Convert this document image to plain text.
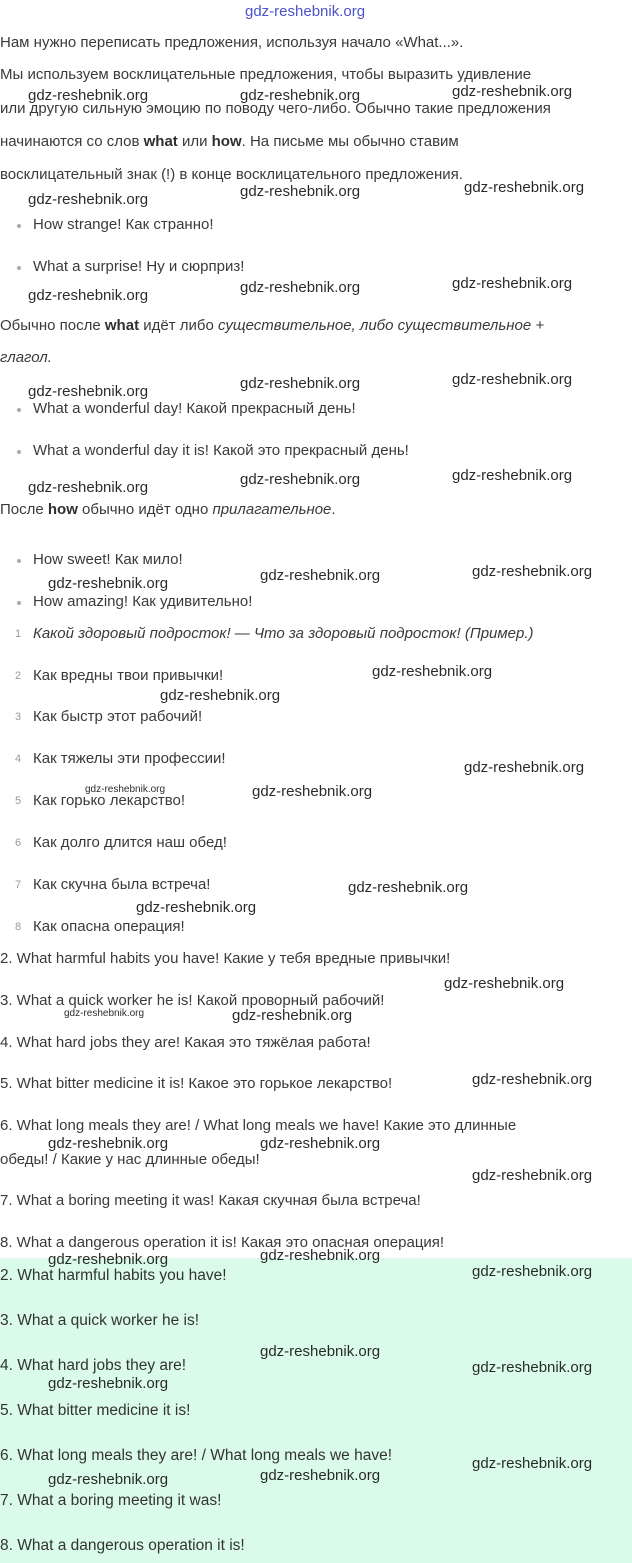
gdz-reshebnik.org
Нам нужно переписать предложения, используя начало «What...».
Мы используем восклицательные предложения, чтобы выразить удивление
или другую сильную эмоцию по поводу чего-либо. Обычно такие предложения
начинаются со слов what или how. На письме мы обычно ставим
восклицательный знак (!) в конце восклицательного предложения.
How strange! Как странно!
What a surprise! Ну и сюрприз!
Обычно после what идёт либо существительное, либо существительное +
глагол.
What a wonderful day! Какой прекрасный день!
What a wonderful day it is! Какой это прекрасный день!
После how обычно идёт одно прилагательное.
How sweet! Как мило!
How amazing! Как удивительно!
1 Какой здоровый подросток! — Что за здоровый подросток! (Пример.)
2 Как вредны твои привычки!
3 Как быстр этот рабочий!
4 Как тяжелы эти профессии!
5 Как горько лекарство!
6 Как долго длится наш обед!
7 Как скучна была встреча!
8 Как опасна операция!
2. What harmful habits you have! Какие у тебя вредные привычки!
3. What a quick worker he is! Какой проворный рабочий!
4. What hard jobs they are! Какая это тяжёлая работа!
5. What bitter medicine it is! Какое это горькое лекарство!
6. What long meals they are! / What long meals we have! Какие это длинные
обеды! / Какие у нас длинные обеды!
7. What a boring meeting it was! Какая скучная была встреча!
8. What a dangerous operation it is! Какая это опасная операция!
2. What harmful habits you have!
3. What a quick worker he is!
4. What hard jobs they are!
5. What bitter medicine it is!
6. What long meals they are! / What long meals we have!
7. What a boring meeting it was!
8. What a dangerous operation it is!
gdz-reshebnik.org	gdz-reshebnik.org	gdz-reshebnik.org
gdz-reshebnik.org	gdz-reshebnik.org	gdz-reshebnik.org
gdz-reshebnik.org	gdz-reshebnik.org	gdz-reshebnik.org
gdz-reshebnik.org	gdz-reshebnik.org	gdz-reshebnik.org
gdz-reshebnik.org	gdz-reshebnik.org	gdz-reshebnik.org
gdz-reshebnik.org	gdz-reshebnik.org	gdz-reshebnik.org
gdz-reshebnik.org
gdz-reshebnik.org
gdz-reshebnik.org
gdz-reshebnik.org	gdz-reshebnik.org
gdz-reshebnik.org
gdz-reshebnik.org
gdz-reshebnik.org
gdz-reshebnik.org	gdz-reshebnik.org
gdz-reshebnik.org
gdz-reshebnik.org	gdz-reshebnik.org
gdz-reshebnik.org
gdz-reshebnik.org	gdz-reshebnik.org
gdz-reshebnik.org
gdz-reshebnik.org
gdz-reshebnik.org
gdz-reshebnik.org
gdz-reshebnik.org
gdz-reshebnik.org	gdz-reshebnik.org
